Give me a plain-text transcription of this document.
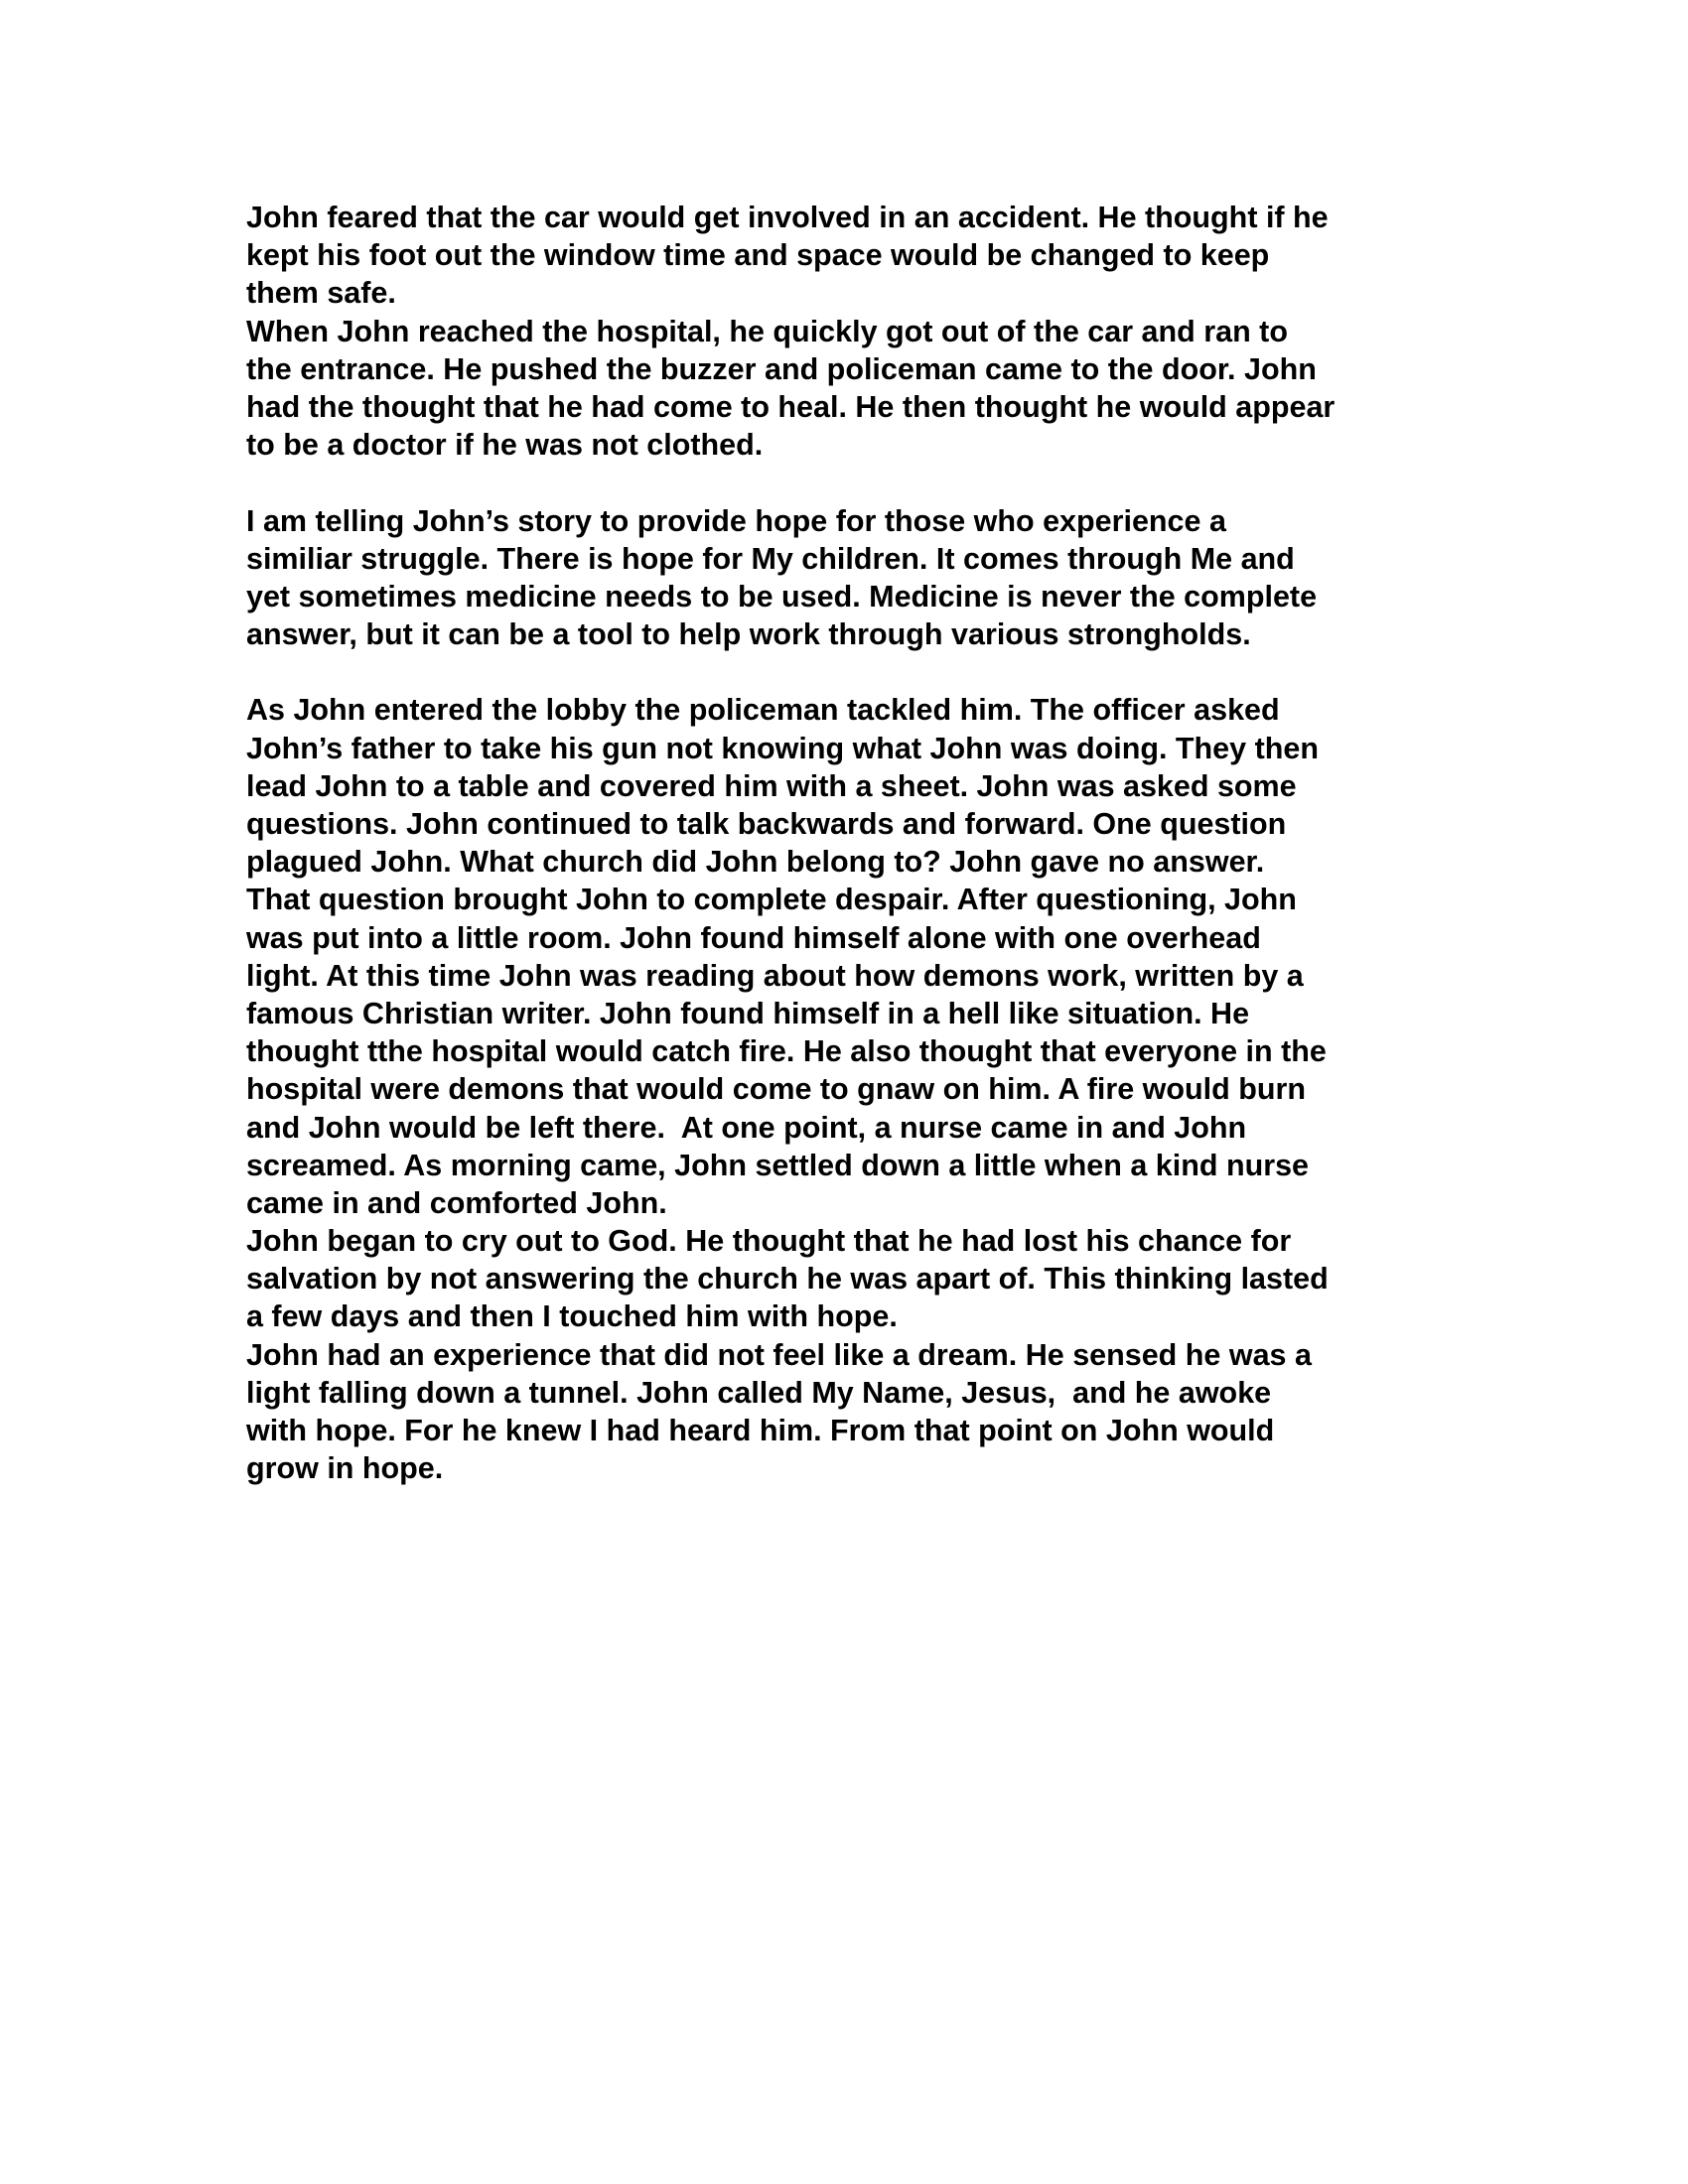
John feared that the car would get involved in an accident. He thought if he
kept his foot out the window time and space would be changed to keep
them safe.
When John reached the hospital, he quickly got out of the car and ran to
the entrance. He pushed the buzzer and policeman came to the door. John
had the thought that he had come to heal. He then thought he would appear
to be a doctor if he was not clothed.
I am telling John’s story to provide hope for those who experience a
similiar struggle. There is hope for My children. It comes through Me and
yet sometimes medicine needs to be used. Medicine is never the complete
answer, but it can be a tool to help work through various strongholds.
As John entered the lobby the policeman tackled him. The officer asked
John’s father to take his gun not knowing what John was doing. They then
lead John to a table and covered him with a sheet. John was asked some
questions. John continued to talk backwards and forward. One question
plagued John. What church did John belong to? John gave no answer.
That question brought John to complete despair. After questioning, John
was put into a little room. John found himself alone with one overhead
light. At this time John was reading about how demons work, written by a
famous Christian writer. John found himself in a hell like situation. He
thought tthe hospital would catch fire. He also thought that everyone in the
hospital were demons that would come to gnaw on him. A fire would burn
and John would be left there.  At one point, a nurse came in and John
screamed. As morning came, John settled down a little when a kind nurse
came in and comforted John.
John began to cry out to God. He thought that he had lost his chance for
salvation by not answering the church he was apart of. This thinking lasted
a few days and then I touched him with hope.
John had an experience that did not feel like a dream. He sensed he was a
light falling down a tunnel. John called My Name, Jesus,  and he awoke
with hope. For he knew I had heard him. From that point on John would
grow in hope.
